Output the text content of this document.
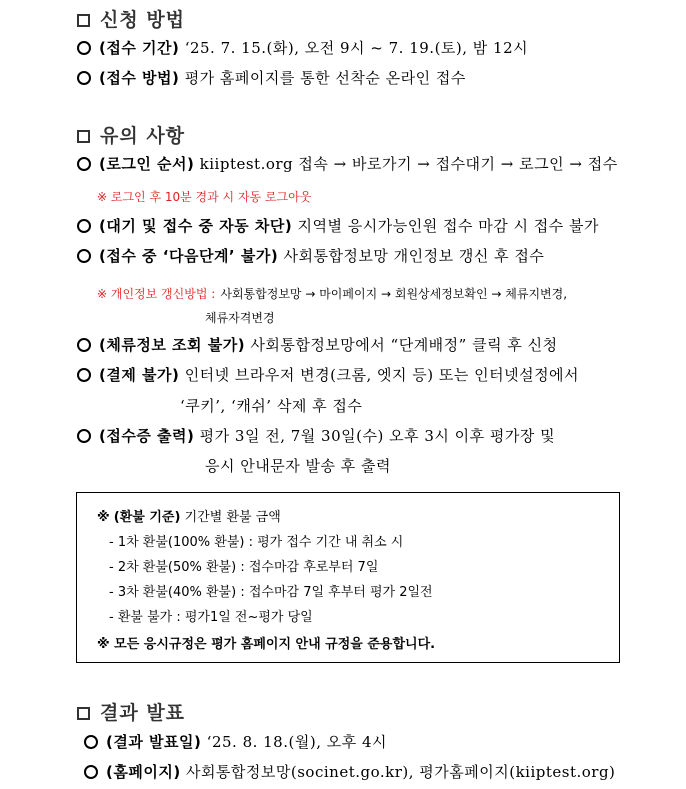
신청 방법
(접수 기간) ‘25. 7. 15.(화), 오전 9시 ~ 7. 19.(토), 밤 12시
(접수 방법) 평가 홈페이지를 통한 선착순 온라인 접수
유의 사항
(로그인 순서) kiiptest.org 접속 → 바로가기 → 접수대기 → 로그인 → 접수
※ 로그인 후 10분 경과 시 자동 로그아웃
(대기 및 접수 중 자동 차단) 지역별 응시가능인원 접수 마감 시 접수 불가
(접수 중 ‘다음단계’ 불가) 사회통합정보망 개인정보 갱신 후 접수
※ 개인정보 갱신방법 : 사회통합정보망 → 마이페이지 → 회원상세정보확인 → 체류지변경,
체류자격변경
(체류정보 조회 불가) 사회통합정보망에서 “단계배정” 클릭 후 신청
(결제 불가) 인터넷 브라우저 변경(크롬, 엣지 등) 또는 인터넷설정에서
‘쿠키’, ‘캐쉬’ 삭제 후 접수
(접수증 출력) 평가 3일 전, 7월 30일(수) 오후 3시 이후 평가장 및
응시 안내문자 발송 후 출력
※ (환불 기준) 기간별 환불 금액
- 1차 환불(100% 환불) : 평가 접수 기간 내 취소 시
- 2차 환불(50% 환불) : 접수마감 후로부터 7일
- 3차 환불(40% 환불) : 접수마감 7일 후부터 평가 2일전
- 환불 불가 : 평가1일 전~평가 당일
※ 모든 응시규정은 평가 홈페이지 안내 규정을 준용합니다.
결과 발표
(결과 발표일) ‘25. 8. 18.(월), 오후 4시
(홈페이지) 사회통합정보망(socinet.go.kr), 평가홈페이지(kiiptest.org)
